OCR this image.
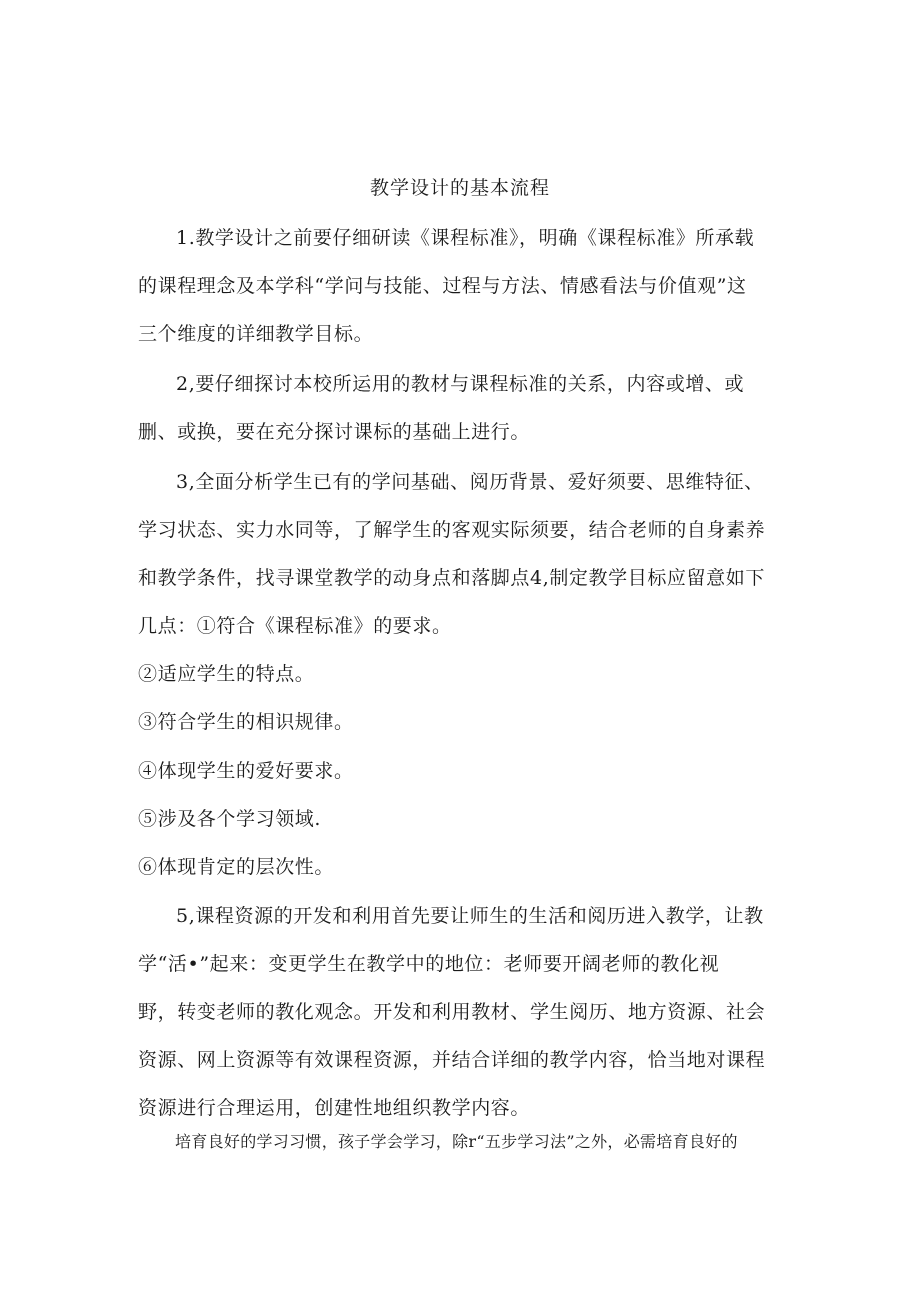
教学设计的基本流程
1.教学设计之前要仔细研读《课程标准》，明确《课程标准》所承载
的课程理念及本学科“学问与技能、过程与方法、情感看法与价值观”这
三个维度的详细教学目标。
2,要仔细探讨本校所运用的教材与课程标准的关系，内容或增、或
删、或换，要在充分探讨课标的基础上进行。
3,全面分析学生已有的学问基础、阅历背景、爱好须要、思维特征、
学习状态、实力水同等，了解学生的客观实际须要，结合老师的自身素养
和教学条件，找寻课堂教学的动身点和落脚点4,制定教学目标应留意如下
几点：①符合《课程标准》的要求。
②适应学生的特点。
③符合学生的相识规律。
④体现学生的爱好要求。
⑤涉及各个学习领域.
⑥体现肯定的层次性。
5,课程资源的开发和利用首先要让师生的生活和阅历进入教学，让教
学“活•”起来：变更学生在教学中的地位：老师要开阔老师的教化视
野，转变老师的教化观念。开发和利用教材、学生阅历、地方资源、社会
资源、网上资源等有效课程资源，并结合详细的教学内容，恰当地对课程
资源进行合理运用，创建性地组织教学内容。
培育良好的学习习惯，孩子学会学习，除r“五步学习法”之外，必需培育良好的
